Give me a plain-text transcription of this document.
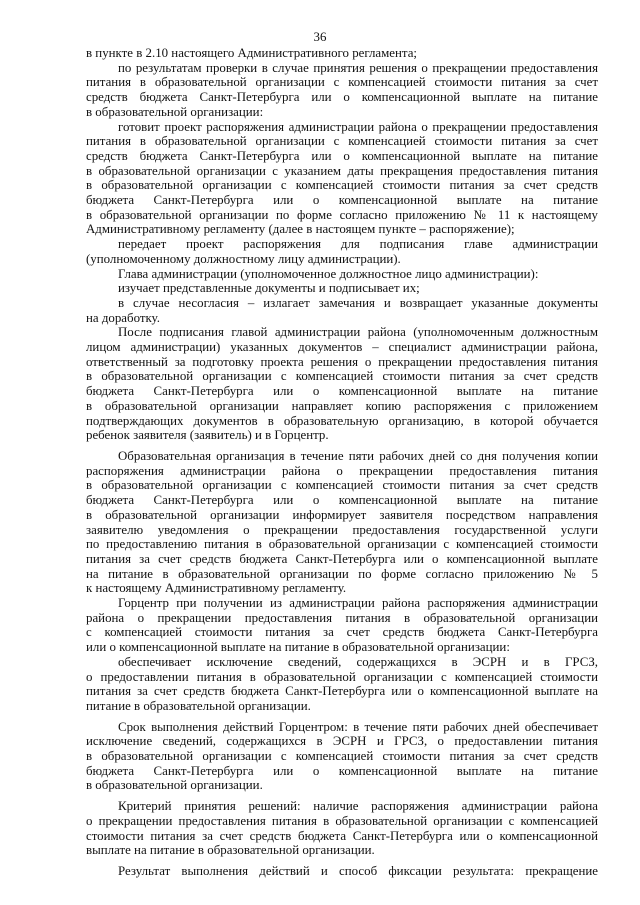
36
в пункте в 2.10 настоящего Административного регламента;
по результатам проверки в случае принятия решения о прекращении предоставления
питания в образовательной организации с компенсацией стоимости питания за счет
средств бюджета Санкт-Петербурга или о компенсационной выплате на питание
в образовательной организации:
готовит проект распоряжения администрации района о прекращении предоставления
питания в образовательной организации с компенсацией стоимости питания за счет
средств бюджета Санкт-Петербурга или о компенсационной выплате на питание
в образовательной организации с указанием даты прекращения предоставления питания
в образовательной организации с компенсацией стоимости питания за счет средств
бюджета Санкт-Петербурга или о компенсационной выплате на питание
в образовательной организации по форме согласно приложению № 11 к настоящему
Административному регламенту (далее в настоящем пункте – распоряжение);
передает проект распоряжения для подписания главе администрации
(уполномоченному должностному лицу администрации).
Глава администрации (уполномоченное должностное лицо администрации):
изучает представленные документы и подписывает их;
в случае несогласия – излагает замечания и возвращает указанные документы
на доработку.
После подписания главой администрации района (уполномоченным должностным
лицом администрации) указанных документов – специалист администрации района,
ответственный за подготовку проекта решения о прекращении предоставления питания
в образовательной организации с компенсацией стоимости питания за счет средств
бюджета Санкт-Петербурга или о компенсационной выплате на питание
в образовательной организации направляет копию распоряжения с приложением
подтверждающих документов в образовательную организацию, в которой обучается
ребенок заявителя (заявитель) и в Горцентр.
Образовательная организация в течение пяти рабочих дней со дня получения копии
распоряжения администрации района о прекращении предоставления питания
в образовательной организации с компенсацией стоимости питания за счет средств
бюджета Санкт-Петербурга или о компенсационной выплате на питание
в образовательной организации информирует заявителя посредством направления
заявителю уведомления о прекращении предоставления государственной услуги
по предоставлению питания в образовательной организации с компенсацией стоимости
питания за счет средств бюджета Санкт-Петербурга или о компенсационной выплате
на питание в образовательной организации по форме согласно приложению № 5
к настоящему Административному регламенту.
Горцентр при получении из администрации района распоряжения администрации
района о прекращении предоставления питания в образовательной организации
с компенсацией стоимости питания за счет средств бюджета Санкт-Петербурга
или о компенсационной выплате на питание в образовательной организации:
обеспечивает исключение сведений, содержащихся в ЭСРН и в ГРСЗ,
о предоставлении питания в образовательной организации с компенсацией стоимости
питания за счет средств бюджета Санкт-Петербурга или о компенсационной выплате на
питание в образовательной организации.
Срок выполнения действий Горцентром: в течение пяти рабочих дней обеспечивает
исключение сведений, содержащихся в ЭСРН и ГРСЗ, о предоставлении питания
в образовательной организации с компенсацией стоимости питания за счет средств
бюджета Санкт-Петербурга или о компенсационной выплате на питание
в образовательной организации.
Критерий принятия решений: наличие распоряжения администрации района
о прекращении предоставления питания в образовательной организации с компенсацией
стоимости питания за счет средств бюджета Санкт-Петербурга или о компенсационной
выплате на питание в образовательной организации.
Результат выполнения действий и способ фиксации результата: прекращение
